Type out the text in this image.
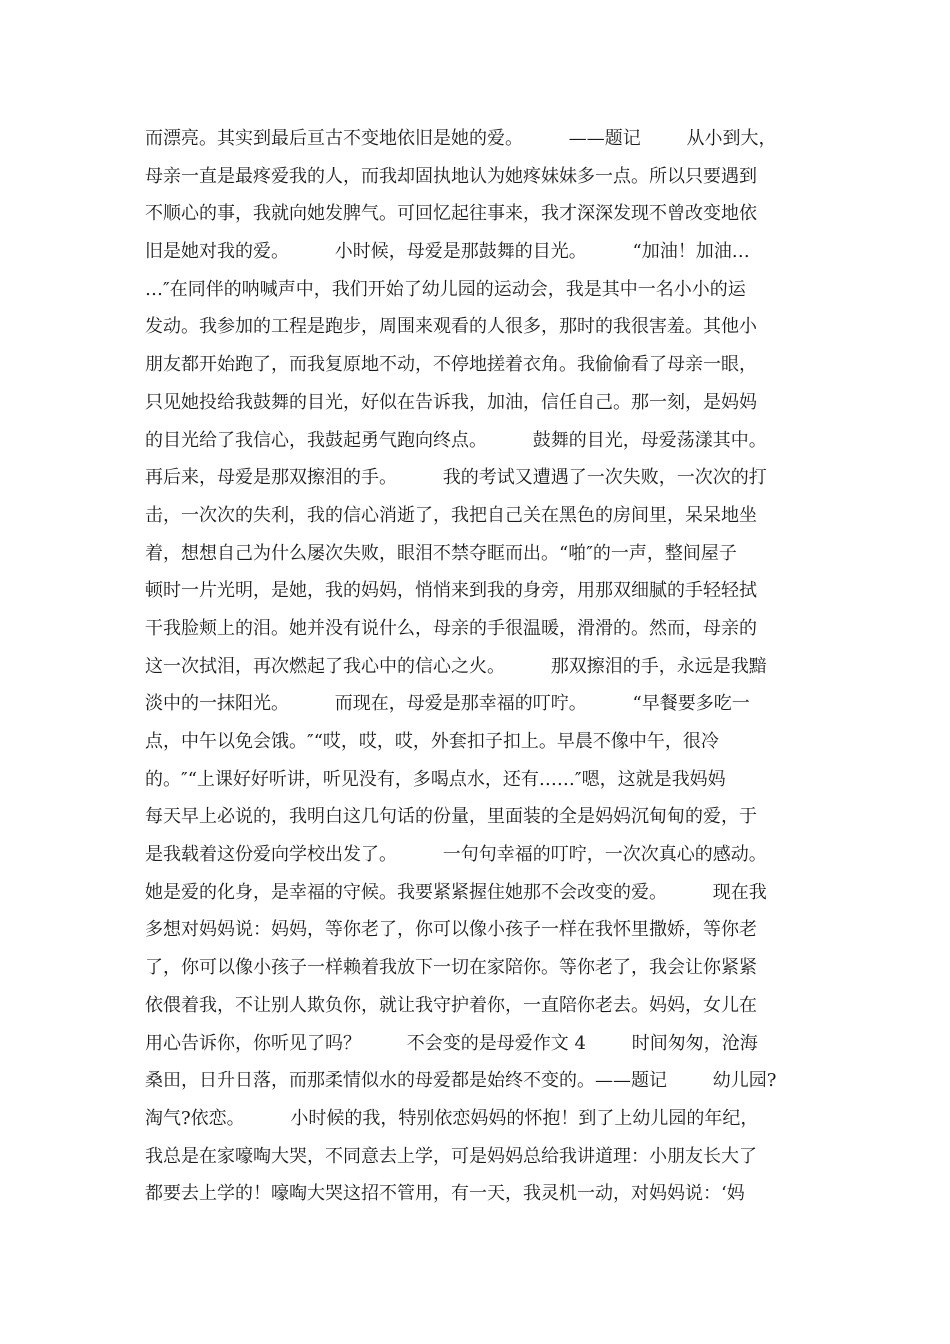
而漂亮。其实到最后亘古不变地依旧是她的爱。        ——题记        从小到大，
母亲一直是最疼爱我的人，而我却固执地认为她疼妹妹多一点。所以只要遇到
不顺心的事，我就向她发脾气。可回忆起往事来，我才深深发现不曾改变地依
旧是她对我的爱。        小时候，母爱是那鼓舞的目光。        “加油！加油…
…″在同伴的呐喊声中，我们开始了幼儿园的运动会，我是其中一名小小的运
发动。我参加的工程是跑步，周围来观看的人很多，那时的我很害羞。其他小
朋友都开始跑了，而我复原地不动，不停地搓着衣角。我偷偷看了母亲一眼，
只见她投给我鼓舞的目光，好似在告诉我，加油，信任自己。那一刻，是妈妈
的目光给了我信心，我鼓起勇气跑向终点。        鼓舞的目光，母爱荡漾其中。
再后来，母爱是那双擦泪的手。        我的考试又遭遇了一次失败，一次次的打
击，一次次的失利，我的信心消逝了，我把自己关在黑色的房间里，呆呆地坐
着，想想自己为什么屡次失败，眼泪不禁夺眶而出。“啪″的一声，整间屋子
顿时一片光明，是她，我的妈妈，悄悄来到我的身旁，用那双细腻的手轻轻拭
干我脸颊上的泪。她并没有说什么，母亲的手很温暖，滑滑的。然而，母亲的
这一次拭泪，再次燃起了我心中的信心之火。        那双擦泪的手，永远是我黯
淡中的一抹阳光。        而现在，母爱是那幸福的叮咛。        “早餐要多吃一
点，中午以免会饿。″“哎，哎，哎，外套扣子扣上。早晨不像中午，很冷
的。″“上课好好听讲，听见没有，多喝点水，还有……″嗯，这就是我妈妈
每天早上必说的，我明白这几句话的份量，里面装的全是妈妈沉甸甸的爱，于
是我载着这份爱向学校出发了。        一句句幸福的叮咛，一次次真心的感动。
她是爱的化身，是幸福的守候。我要紧紧握住她那不会改变的爱。        现在我
多想对妈妈说：妈妈，等你老了，你可以像小孩子一样在我怀里撒娇，等你老
了，你可以像小孩子一样赖着我放下一切在家陪你。等你老了，我会让你紧紧
依偎着我，不让别人欺负你，就让我守护着你，一直陪你老去。妈妈，女儿在
用心告诉你，你听见了吗？        不会变的是母爱作文 4        时间匆匆，沧海
桑田，日升日落，而那柔情似水的母爱都是始终不变的。——题记        幼儿园?
淘气?依恋。        小时候的我，特别依恋妈妈的怀抱！到了上幼儿园的年纪，
我总是在家嚎啕大哭，不同意去上学，可是妈妈总给我讲道理：小朋友长大了
都要去上学的！嚎啕大哭这招不管用，有一天，我灵机一动，对妈妈说：‘妈
